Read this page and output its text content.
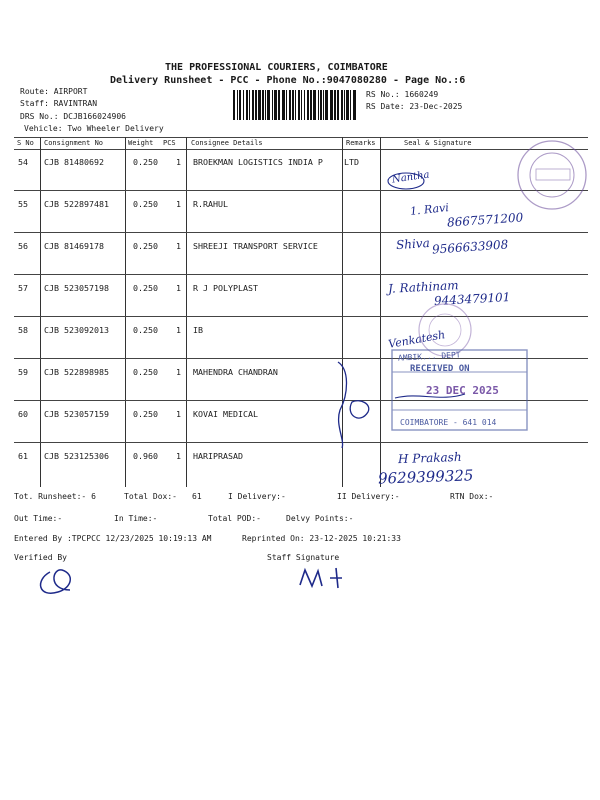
THE PROFESSIONAL COURIERS, COIMBATORE
Delivery Runsheet - PCC - Phone No.:9047080280 - Page No.:6
Route: AIRPORT
Staff: RAVINTRAN
DRS No.: DCJB166024906
Vehicle: Two Wheeler Delivery
RS No.: 1660249
RS Date: 23-Dec-2025
S No Consignment No	Weight PCS Consignee Details	Remarks	Seal & Signature
54 CJB 81480692	0.250 1 BROEKMAN LOGISTICS INDIA P	LTD
55 CJB 522897481	0.250 1 R.RAHUL
56 CJB 81469178	0.250 1 SHREEJI TRANSPORT SERVICE
57 CJB 523057198	0.250 1 R J POLYPLAST
58 CJB 523092013	0.250 1 IB
59 CJB 522898985	0.250 1 MAHENDRA CHANDRAN
60 CJB 523057159	0.250 1 KOVAI MEDICAL
61 CJB 523125306	0.960 1 HARIPRASAD
Nantha
1. Ravi
8667571200
Shiva 9566633908
J. Rathinam
9443479101
Venkatesh
H Prakash
9629399325
AMBIK... DEPT
RECEIVED ON
23 DEC 2025
COIMBATORE - 641 014
Tot. Runsheet:- 6	Total Dox:- 61	I Delivery:-	II Delivery:-	RTN Dox:-
Out Time:-	In Time:-	Total POD:-	Delvy Points:-
Entered By :TPCPCC 12/23/2025 10:19:13 AM	Reprinted On: 23-12-2025 10:21:33
Verified By	Staff Signature
